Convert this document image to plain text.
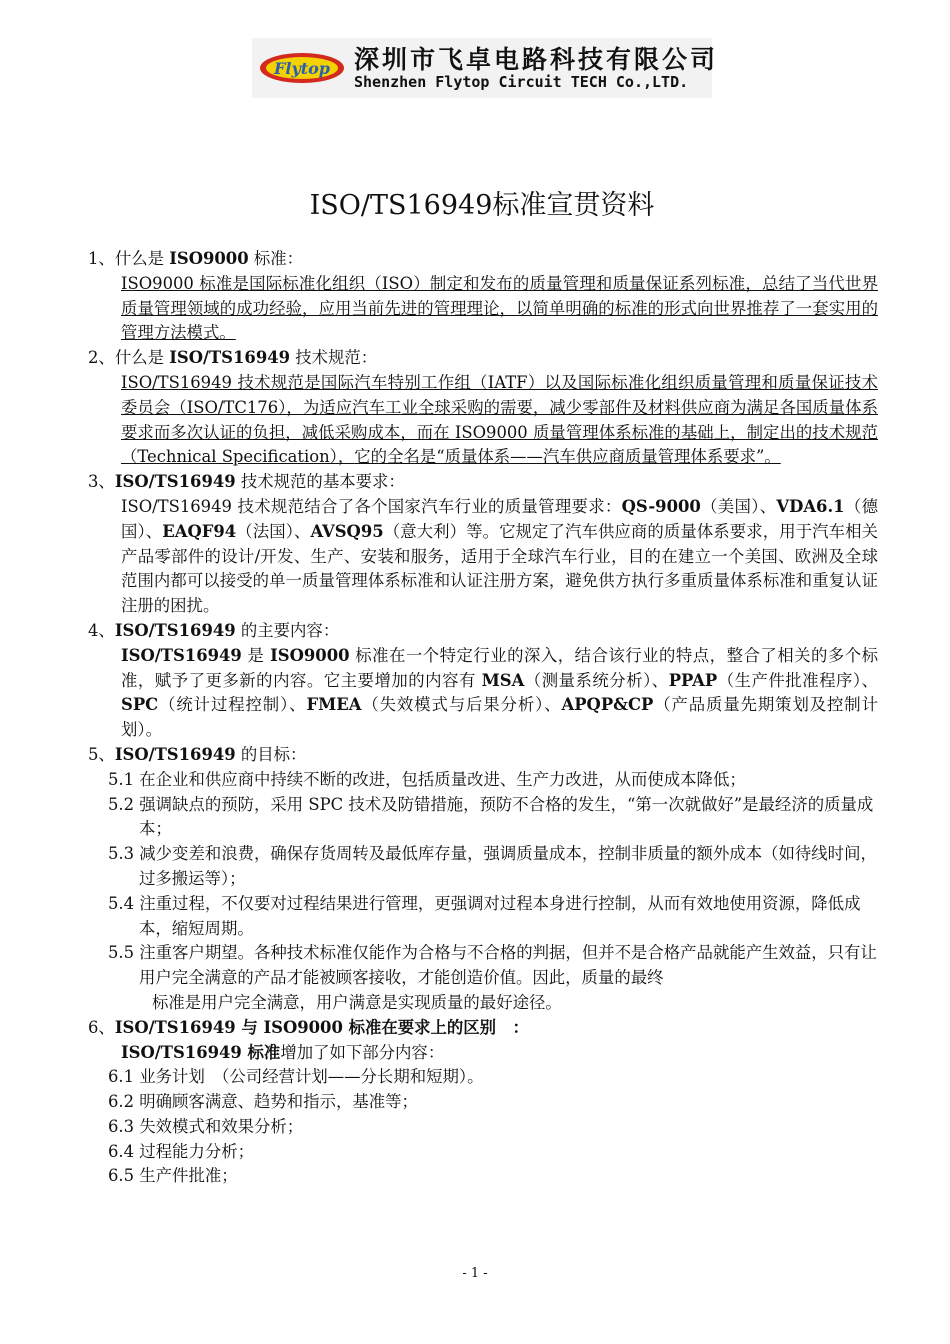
Flytop 深圳市飞卓电路科技有限公司
Shenzhen Flytop Circuit TECH Co.,LTD.
ISO/TS16949标准宣贯资料

1、什么是 ISO9000 标准：

ISO9000 标准是国际标准化组织（ISO）制定和发布的质量管理和质量保证系列标准，总结了当代世界质量管理领域的成功经验，应用当前先进的管理理论，以简单明确的标准的形式向世界推荐了一套实用的管理方法模式。

2、什么是 ISO/TS16949 技术规范：

ISO/TS16949 技术规范是国际汽车特别工作组（IATF）以及国际标准化组织质量管理和质量保证技术委员会（ISO/TC176），为适应汽车工业全球采购的需要，减少零部件及材料供应商为满足各国质量体系要求而多次认证的负担，减低采购成本，而在 ISO9000 质量管理体系标准的基础上，制定出的技术规范（Technical Specification），它的全名是“质量体系——汽车供应商质量管理体系要求”。

3、ISO/TS16949 技术规范的基本要求：

ISO/TS16949 技术规范结合了各个国家汽车行业的质量管理要求：QS-9000（美国）、VDA6.1（德国）、EAQF94（法国）、AVSQ95（意大利）等。它规定了汽车供应商的质量体系要求，用于汽车相关产品零部件的设计/开发、生产、安装和服务，适用于全球汽车行业，目的在建立一个美国、欧洲及全球范围内都可以接受的单一质量管理体系标准和认证注册方案，避免供方执行多重质量体系标准和重复认证注册的困扰。

4、ISO/TS16949 的主要内容：

ISO/TS16949 是 ISO9000 标准在一个特定行业的深入，结合该行业的特点，整合了相关的多个标准，赋予了更多新的内容。它主要增加的内容有 MSA（测量系统分析）、PPAP（生产件批准程序）、SPC（统计过程控制）、FMEA（失效模式与后果分析）、APQP&CP（产品质量先期策划及控制计划）。

5、ISO/TS16949 的目标：

5.1 在企业和供应商中持续不断的改进，包括质量改进、生产力改进，从而使成本降低；

5.2 强调缺点的预防，采用 SPC 技术及防错措施，预防不合格的发生，“第一次就做好”是最经济的质量成本；

5.3 减少变差和浪费，确保存货周转及最低库存量，强调质量成本，控制非质量的额外成本（如待线时间，过多搬运等）；

5.4 注重过程，不仅要对过程结果进行管理，更强调对过程本身进行控制，从而有效地使用资源，降低成本，缩短周期。

5.5 注重客户期望。各种技术标准仅能作为合格与不合格的判据，但并不是合格产品就能产生效益，只有让用户完全满意的产品才能被顾客接收，才能创造价值。因此，质量的最终

标准是用户完全满意，用户满意是实现质量的最好途径。

6、ISO/TS16949 与 ISO9000 标准在要求上的区别　：

ISO/TS16949 标准增加了如下部分内容：

6.1 业务计划　（公司经营计划——分长期和短期）。

6.2 明确顾客满意、趋势和指示，基准等；

6.3 失效模式和效果分析；

6.4 过程能力分析；

6.5 生产件批准；

- 1 -
